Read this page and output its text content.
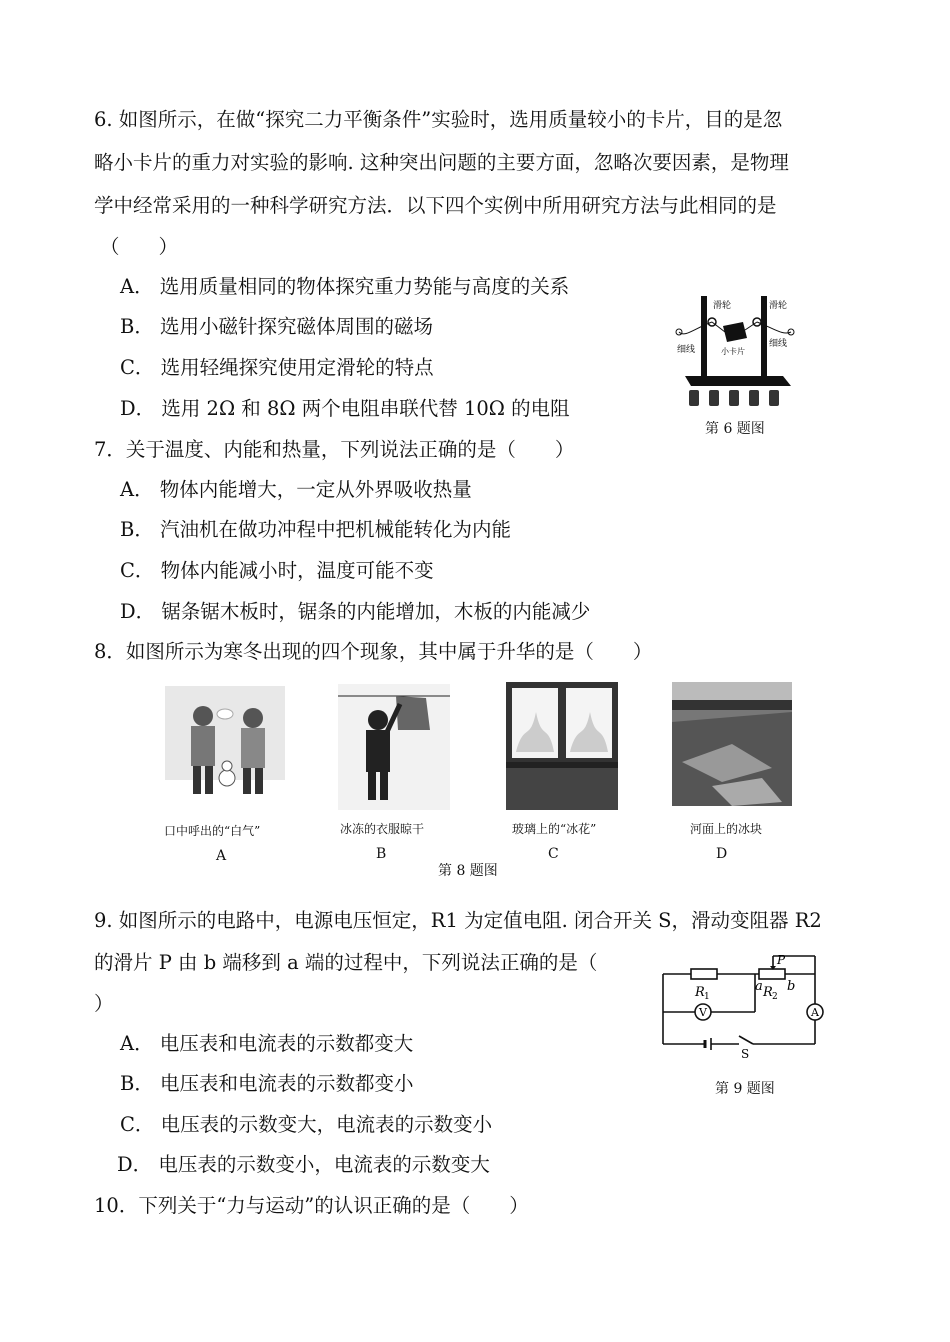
6. 如图所示，在做“探究二力平衡条件”实验时，选用质量较小的卡片，目的是忽
略小卡片的重力对实验的影响. 这种突出问题的主要方面，忽略次要因素，是物理
学中经常采用的一种科学研究方法．以下四个实例中所用研究方法与此相同的是
（　　）
A． 选用质量相同的物体探究重力势能与高度的关系
B． 选用小磁针探究磁体周围的磁场
C． 选用轻绳探究使用定滑轮的特点
D． 选用 2Ω 和 8Ω 两个电阻串联代替 10Ω 的电阻
滑轮	滑轮
细线
细线
小卡片
第 6 题图
7．关于温度、内能和热量，下列说法正确的是（　　）
A． 物体内能增大，一定从外界吸收热量
B． 汽油机在做功冲程中把机械能转化为内能
C． 物体内能减小时，温度可能不变
D． 锯条锯木板时，锯条的内能增加，木板的内能减少
8．如图所示为寒冬出现的四个现象，其中属于升华的是（　　）
口中呼出的“白气”
A
冰冻的衣服晾干
B
玻璃上的“冰花”
C
河面上的冰块
D
第 8 题图
9. 如图所示的电路中，电源电压恒定，R1 为定值电阻. 闭合开关 S，滑动变阻器 R2
的滑片 P 由 b 端移到 a 端的过程中，下列说法正确的是（
）
A． 电压表和电流表的示数都变大
B． 电压表和电流表的示数都变小
C． 电压表的示数变大，电流表的示数变小
D． 电压表的示数变小，电流表的示数变大
R 1
a R 2
b
P
V	A
S
第 9 题图
10．下列关于“力与运动”的认识正确的是（　　）
